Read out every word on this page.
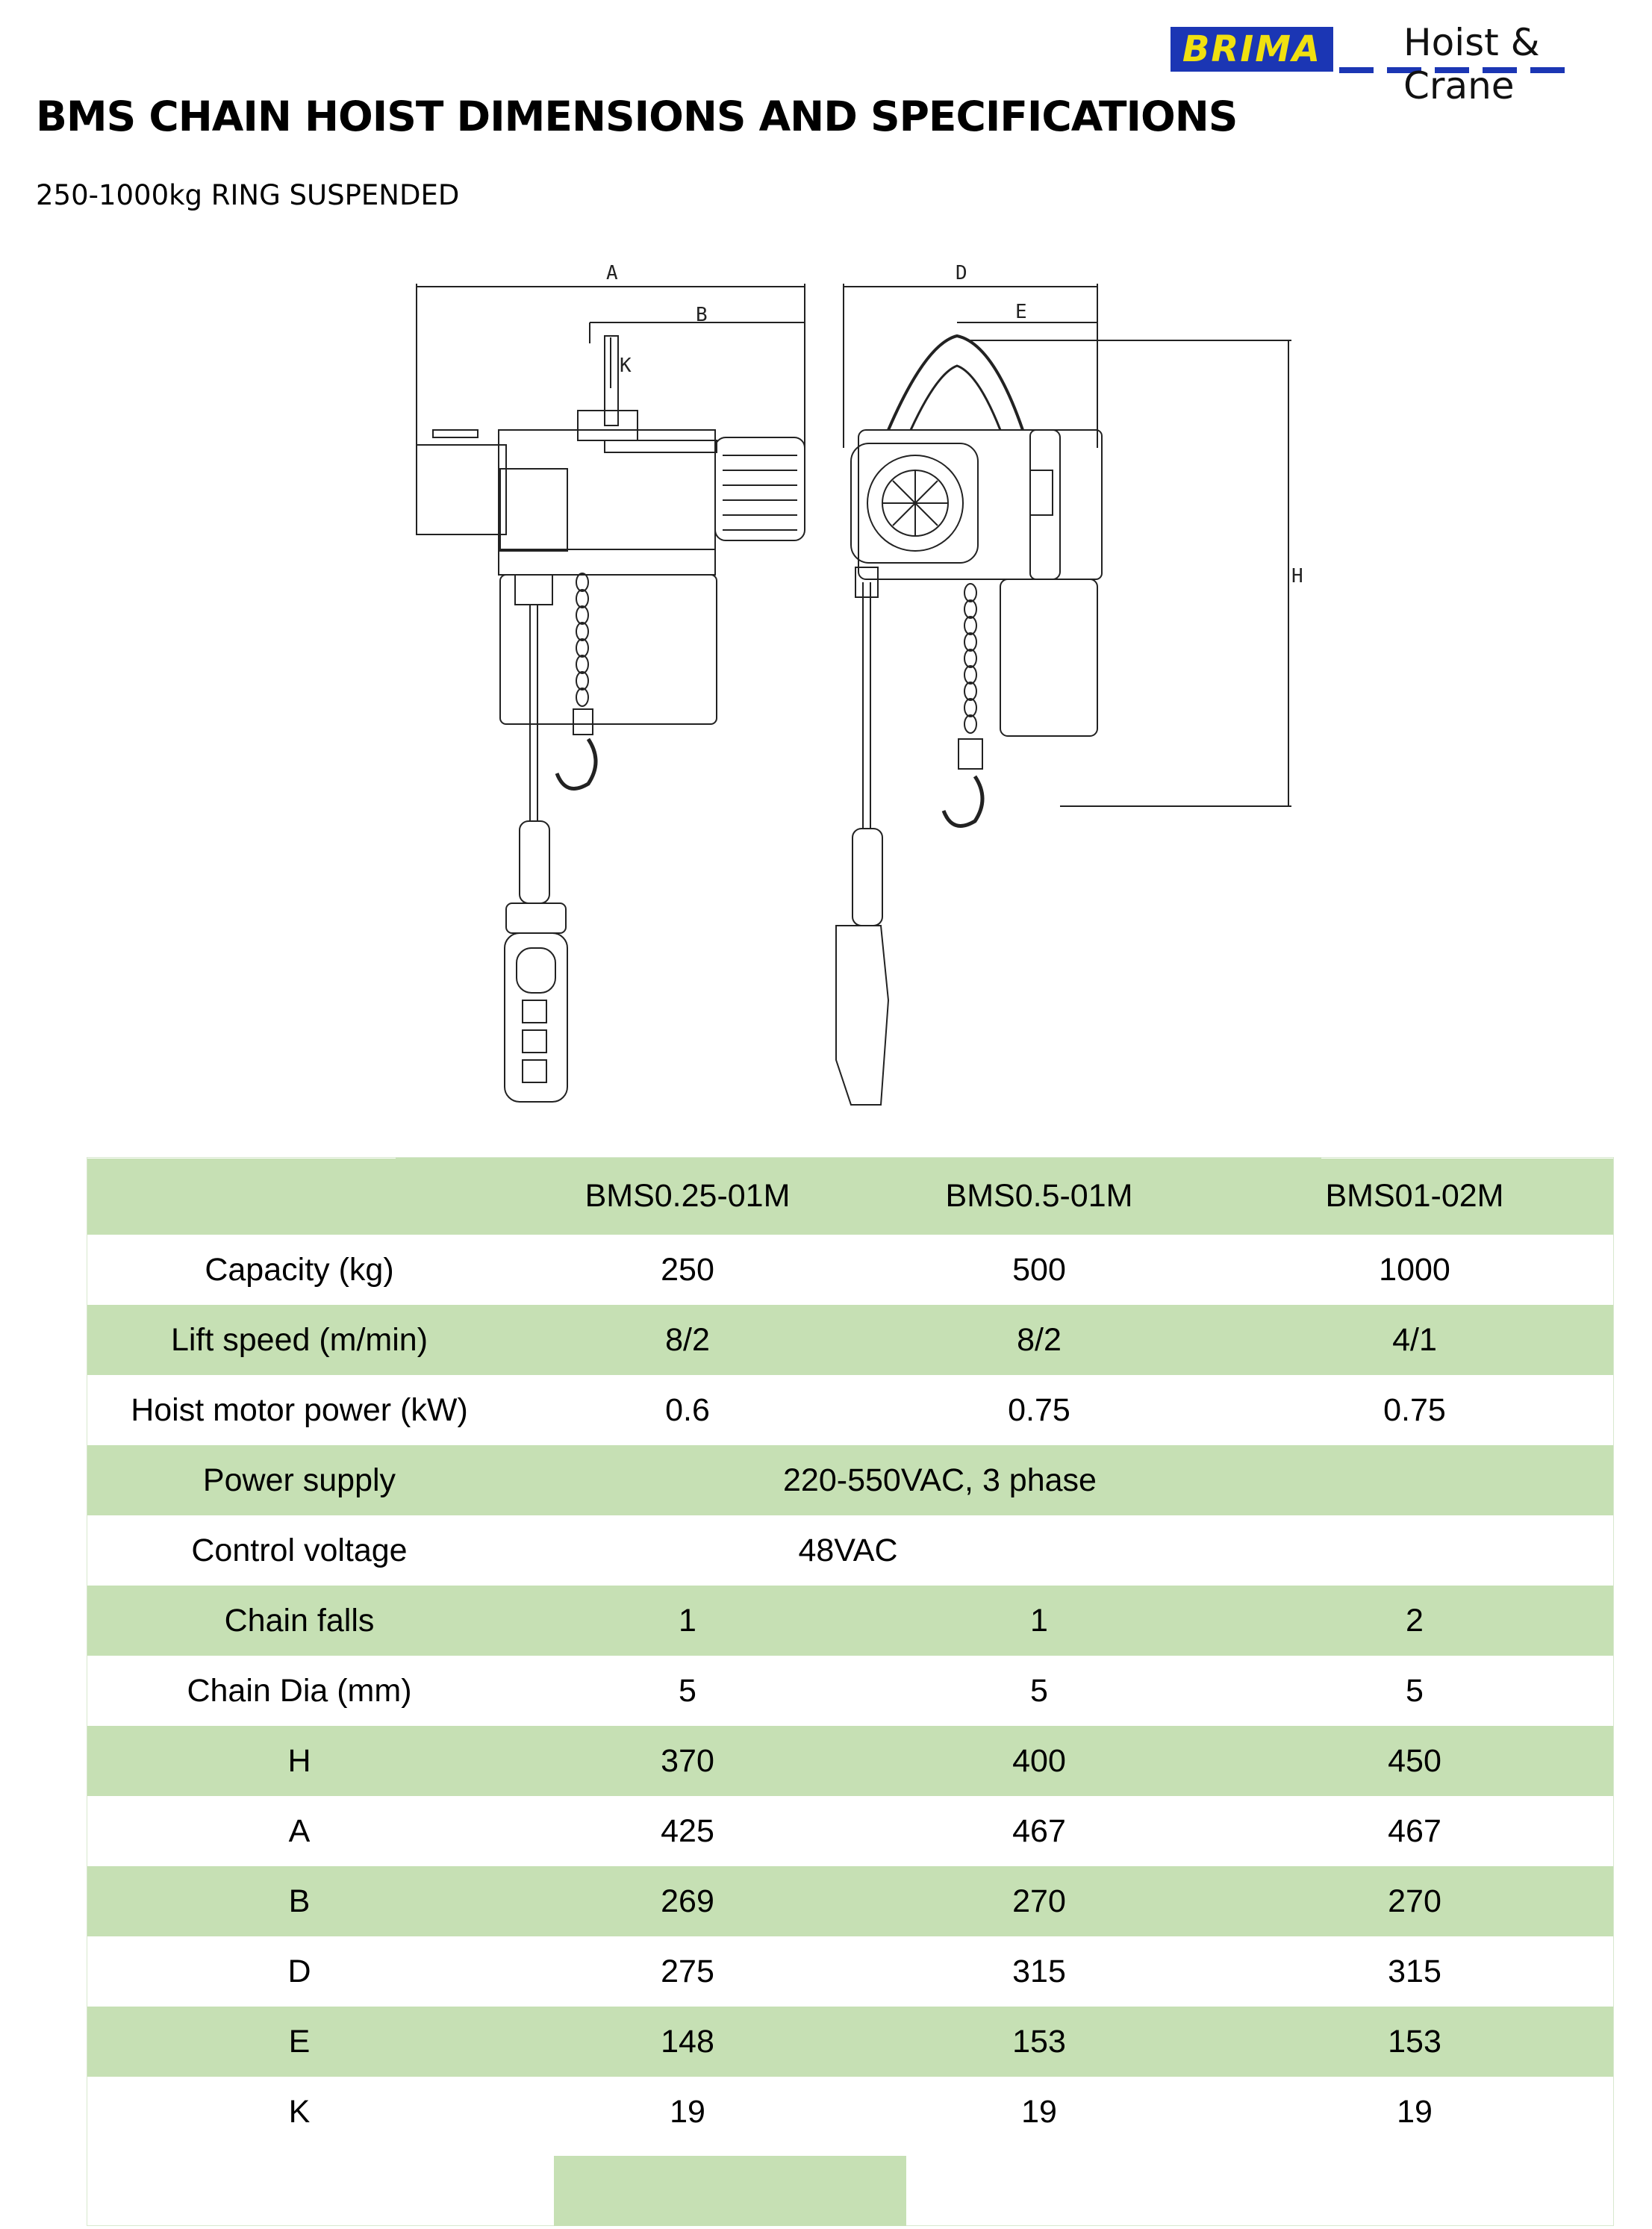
BRIMA Hoist & Crane
BMS CHAIN HOIST DIMENSIONS AND SPECIFICATIONS
250-1000kg RING SUSPENDED
A
B
K
D
E
H
	BMS0.25-01M	BMS0.5-01M	BMS01-02M
Capacity (kg)	250	500	1000
Lift speed (m/min)	8/2	8/2	4/1
Hoist motor power (kW)	0.6	0.75	0.75
Power supply	220-550VAC, 3 phase		
Control voltage	48VAC		
Chain falls	1	1	2
Chain Dia (mm)	5	5	5
H	370	400	450
A	425	467	467
B	269	270	270
D	275	315	315
E	148	153	153
K	19	19	19
